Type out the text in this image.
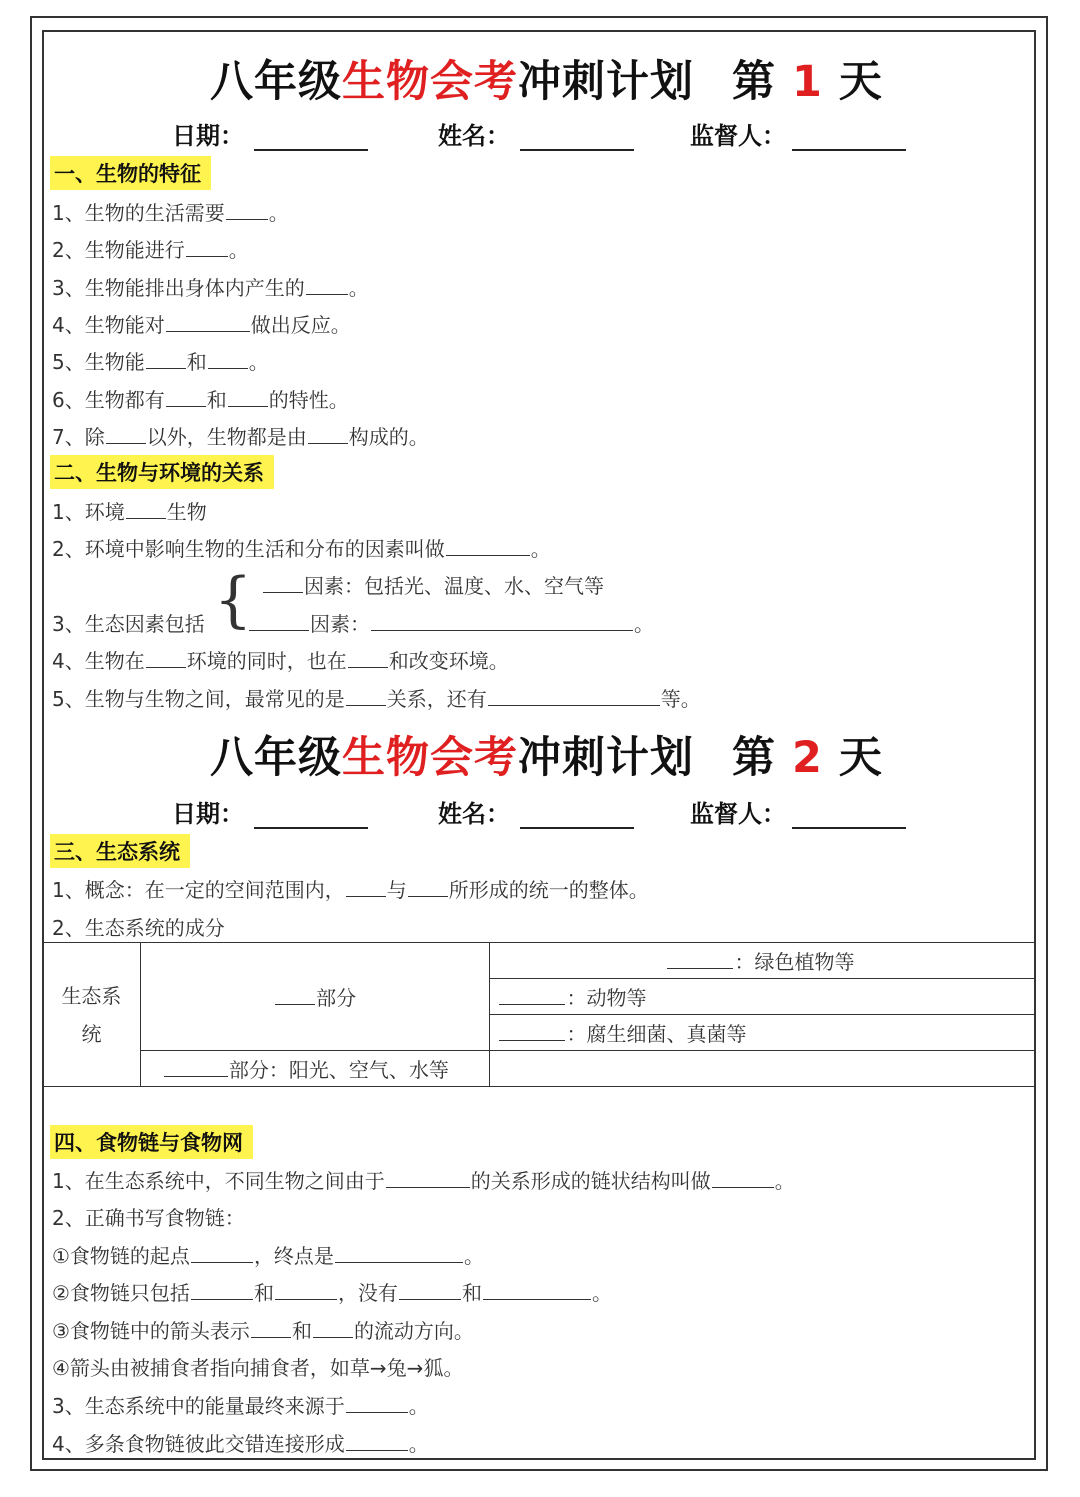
八年级生物会考冲刺计划 第 1 天
日期：	姓名：	监督人：
一、生物的特征
1、生物的生活需要 。
2、生物能进行 。
3、生物能排出身体内产生的 。
4、生物能对	做出反应。
5、生物能 和 。
6、生物都有 和 的特性。
7、除 以外，生物都是由 构成的。
二、生物与环境的关系
1、环境 生物
2、环境中影响生物的生活和分布的因素叫做	。
3、生态因素包括 {	因素：包括光、温度、水、空气等
因素：	。
4、生物在 环境的同时，也在 和改变环境。
5、生物与生物之间，最常见的是 关系，还有	等。
八年级生物会考冲刺计划 第 2 天
日期：	姓名：	监督人：
三、生态系统
1、概念：在一定的空间范围内， 与 所形成的统一的整体。
2、生态系统的成分
生态系
统	部分	：绿色植物等
		：动物等
		：腐生细菌、真菌等
	部分：阳光、空气、水等	
四、食物链与食物网
1、在生态系统中，不同生物之间由于	的关系形成的链状结构叫做	。
2、正确书写食物链：
①食物链的起点	，终点是	。
②食物链只包括	和	，没有	和	。
③食物链中的箭头表示 和 的流动方向。
④箭头由被捕食者指向捕食者，如草→兔→狐。
3、生态系统中的能量最终来源于	。
4、多条食物链彼此交错连接形成	。
